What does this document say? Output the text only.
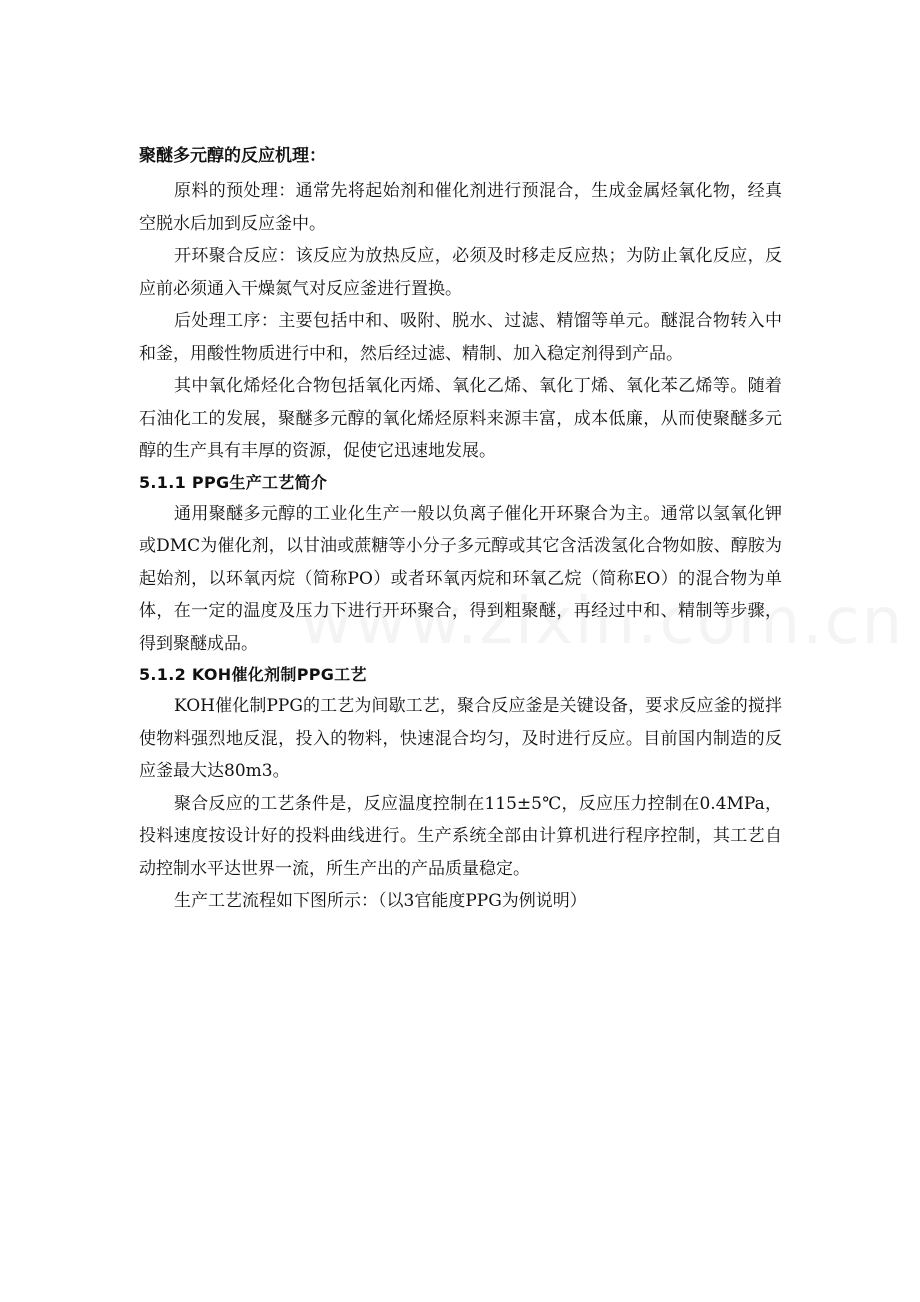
聚醚多元醇的反应机理：

原料的预处理：通常先将起始剂和催化剂进行预混合，生成金属烃氧化物，经真空脱水后加到反应釜中。

开环聚合反应：该反应为放热反应，必须及时移走反应热；为防止氧化反应，反应前必须通入干燥氮气对反应釜进行置换。

后处理工序：主要包括中和、吸附、脱水、过滤、精馏等单元。醚混合物转入中和釜，用酸性物质进行中和，然后经过滤、精制、加入稳定剂得到产品。

其中氧化烯烃化合物包括氧化丙烯、氧化乙烯、氧化丁烯、氧化苯乙烯等。随着石油化工的发展，聚醚多元醇的氧化烯烃原料来源丰富，成本低廉，从而使聚醚多元醇的生产具有丰厚的资源，促使它迅速地发展。

5.1.1 PPG生产工艺简介

通用聚醚多元醇的工业化生产一般以负离子催化开环聚合为主。通常以氢氧化钾或DMC为催化剂，以甘油或蔗糖等小分子多元醇或其它含活泼氢化合物如胺、醇胺为起始剂，以环氧丙烷（简称PO）或者环氧丙烷和环氧乙烷（简称EO）的混合物为单体，在一定的温度及压力下进行开环聚合，得到粗聚醚，再经过中和、精制等步骤，得到聚醚成品。

5.1.2 KOH催化剂制PPG工艺

KOH催化制PPG的工艺为间歇工艺，聚合反应釜是关键设备，要求反应釜的搅拌使物料强烈地反混，投入的物料，快速混合均匀，及时进行反应。目前国内制造的反应釜最大达80m3。

聚合反应的工艺条件是，反应温度控制在115±5℃，反应压力控制在0.4MPa，投料速度按设计好的投料曲线进行。生产系统全部由计算机进行程序控制，其工艺自动控制水平达世界一流，所生产出的产品质量稳定。

生产工艺流程如下图所示：（以3官能度PPG为例说明）
